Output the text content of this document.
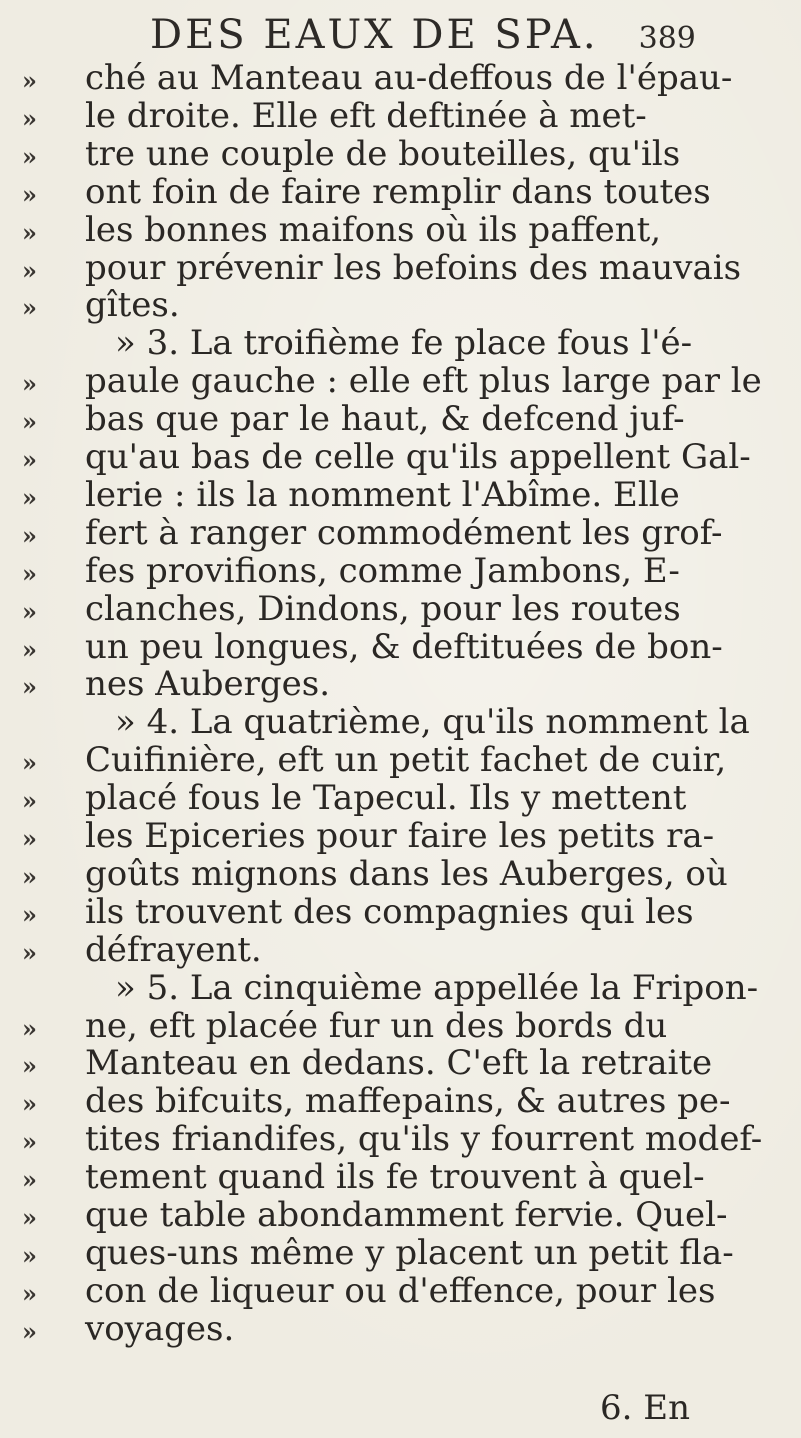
DES EAUX DE SPA. 389
» ché au Manteau au-deffous de l'épau-
» le droite. Elle eft deftinée à met-
» tre une couple de bouteilles, qu'ils
» ont foin de faire remplir dans toutes
» les bonnes maifons où ils paffent,
» pour prévenir les befoins des mauvais
» gîtes.
» 3. La troifième fe place fous l'é-
» paule gauche : elle eft plus large par le
» bas que par le haut, & defcend juf-
» qu'au bas de celle qu'ils appellent Gal-
» lerie : ils la nomment l'Abîme. Elle
» fert à ranger commodément les grof-
» fes provifions, comme Jambons, E-
» clanches, Dindons, pour les routes
» un peu longues, & deftituées de bon-
» nes Auberges.
» 4. La quatrième, qu'ils nomment la
» Cuifinière, eft un petit fachet de cuir,
» placé fous le Tapecul. Ils y mettent
» les Epiceries pour faire les petits ra-
» goûts mignons dans les Auberges, où
» ils trouvent des compagnies qui les
» défrayent.
» 5. La cinquième appellée la Fripon-
» ne, eft placée fur un des bords du
» Manteau en dedans. C'eft la retraite
» des bifcuits, maffepains, & autres pe-
» tites friandifes, qu'ils y fourrent modef-
» tement quand ils fe trouvent à quel-
» que table abondamment fervie. Quel-
» ques-uns même y placent un petit fla-
» con de liqueur ou d'effence, pour les
» voyages.
6. En
